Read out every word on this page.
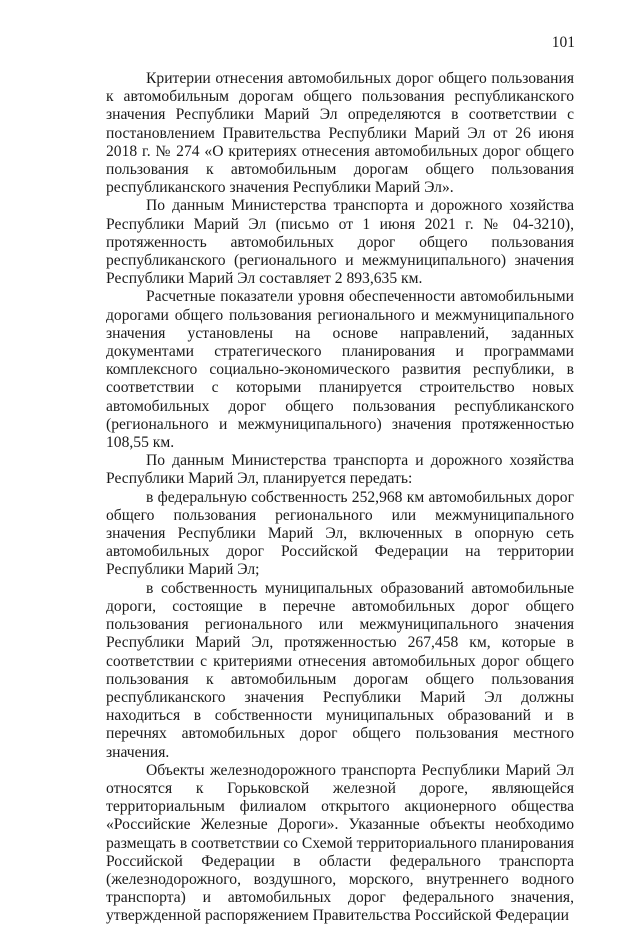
101

Критерии отнесения автомобильных дорог общего пользования к автомобильным дорогам общего пользования республиканского значения Республики Марий Эл определяются в соответствии с постановлением Правительства Республики Марий Эл от 26 июня 2018 г. № 274 «О критериях отнесения автомобильных дорог общего пользования к автомобильным дорогам общего пользования республиканского значения Республики Марий Эл».

По данным Министерства транспорта и дорожного хозяйства Республики Марий Эл (письмо от 1 июня 2021 г. № 04-3210), протяженность автомобильных дорог общего пользования республиканского (регионального и межмуниципального) значения Республики Марий Эл составляет 2 893,635 км.

Расчетные показатели уровня обеспеченности автомобильными дорогами общего пользования регионального и межмуниципального значения установлены на основе направлений, заданных документами стратегического планирования и программами комплексного социально-экономического развития республики, в соответствии с которыми планируется строительство новых автомобильных дорог общего пользования республиканского (регионального и межмуниципального) значения протяженностью 108,55 км.

По данным Министерства транспорта и дорожного хозяйства Республики Марий Эл, планируется передать:

в федеральную собственность 252,968 км автомобильных дорог общего пользования регионального или межмуниципального значения Республики Марий Эл, включенных в опорную сеть автомобильных дорог Российской Федерации на территории Республики Марий Эл;

в собственность муниципальных образований автомобильные дороги, состоящие в перечне автомобильных дорог общего пользования регионального или межмуниципального значения Республики Марий Эл, протяженностью 267,458 км, которые в соответствии с критериями отнесения автомобильных дорог общего пользования к автомобильным дорогам общего пользования республиканского значения Республики Марий Эл должны находиться в собственности муниципальных образований и в перечнях автомобильных дорог общего пользования местного значения.

Объекты железнодорожного транспорта Республики Марий Эл относятся к Горьковской железной дороге, являющейся территориальным филиалом открытого акционерного общества «Российские Железные Дороги». Указанные объекты необходимо размещать в соответствии со Схемой территориального планирования Российской Федерации в области федерального транспорта (железнодорожного, воздушного, морского, внутреннего водного транспорта) и автомобильных дорог федерального значения, утвержденной распоряжением Правительства Российской Федерации
